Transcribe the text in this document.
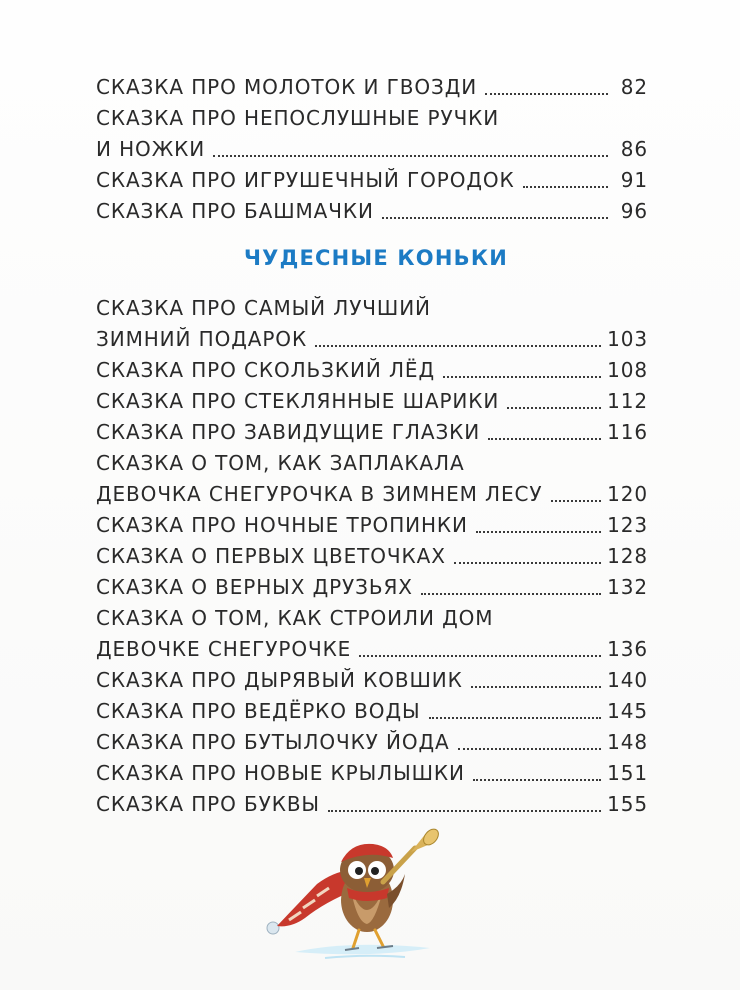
СКАЗКА ПРО МОЛОТОК И ГВОЗДИ	82
СКАЗКА ПРО НЕПОСЛУШНЫЕ РУЧКИ
И НОЖКИ	86
СКАЗКА ПРО ИГРУШЕЧНЫЙ ГОРОДОК	91
СКАЗКА ПРО БАШМАЧКИ	96
ЧУДЕСНЫЕ КОНЬКИ
СКАЗКА ПРО САМЫЙ ЛУЧШИЙ
ЗИМНИЙ ПОДАРОК	103
СКАЗКА ПРО СКОЛЬЗКИЙ ЛЁД	108
СКАЗКА ПРО СТЕКЛЯННЫЕ ШАРИКИ	112
СКАЗКА ПРО ЗАВИДУЩИЕ ГЛАЗКИ	116
СКАЗКА О ТОМ, КАК ЗАПЛАКАЛА
ДЕВОЧКА СНЕГУРОЧКА В ЗИМНЕМ ЛЕСУ	120
СКАЗКА ПРО НОЧНЫЕ ТРОПИНКИ	123
СКАЗКА О ПЕРВЫХ ЦВЕТОЧКАХ	128
СКАЗКА О ВЕРНЫХ ДРУЗЬЯХ	132
СКАЗКА О ТОМ, КАК СТРОИЛИ ДОМ
ДЕВОЧКЕ СНЕГУРОЧКЕ	136
СКАЗКА ПРО ДЫРЯВЫЙ КОВШИК	140
СКАЗКА ПРО ВЕДЁРКО ВОДЫ	145
СКАЗКА ПРО БУТЫЛОЧКУ ЙОДА	148
СКАЗКА ПРО НОВЫЕ КРЫЛЫШКИ	151
СКАЗКА ПРО БУКВЫ	155
